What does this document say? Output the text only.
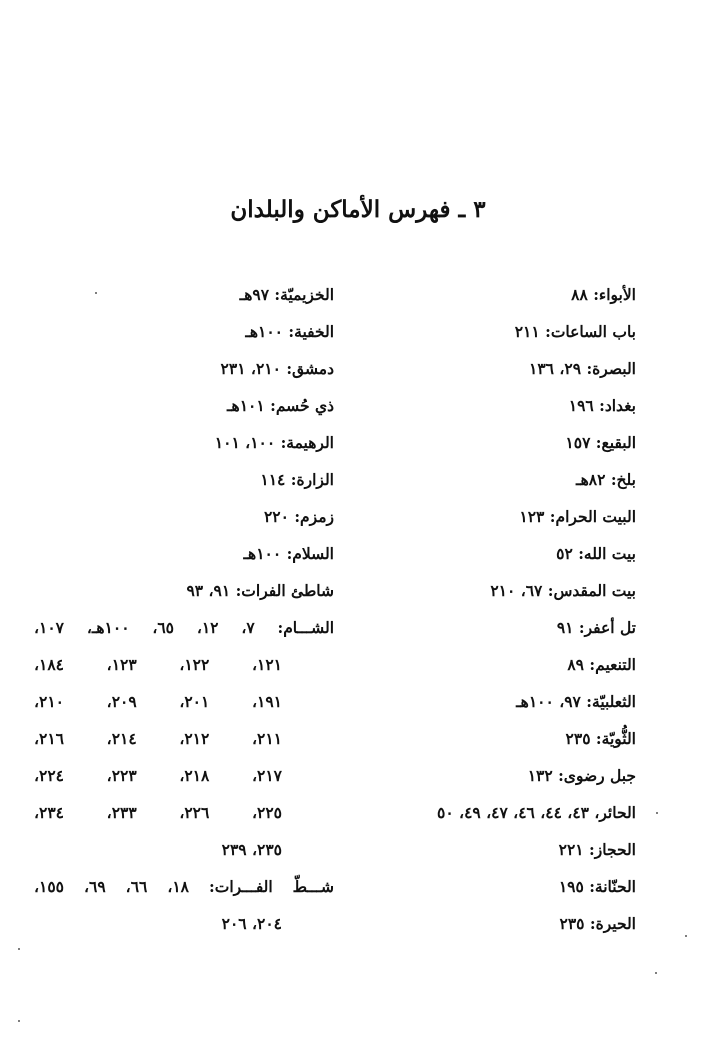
٣ ـ فهرس الأماكن والبلدان
الأبواء: ٨٨
باب الساعات: ٢١١
البصرة: ٢٩، ١٣٦
بغداد: ١٩٦
البقيع: ١٥٧
بلخ: ٨٢هـ
البيت الحرام: ١٢٣
بيت الله: ٥٢
بيت المقدس: ٦٧، ٢١٠
تل أعفر: ٩١
التنعيم: ٨٩
الثعلبيّة: ٩٧، ١٠٠هـ
الثُّويّة: ٢٣٥
جبل رضوى: ١٣٢
الحائر، ٤٣، ٤٤، ٤٦، ٤٧، ٤٩، ٥٠
الحجاز: ٢٢١
الحنّانة: ١٩٥
الحيرة: ٢٣٥
الخزيميّة: ٩٧هـ
الخفية: ١٠٠هـ
دمشق: ٢١٠، ٢٣١
ذي حُسم: ١٠١هـ
الرهيمة: ١٠٠، ١٠١
الزارة: ١١٤
زمزم: ٢٢٠
السلام: ١٠٠هـ
شاطئ الفرات: ٩١، ٩٣
الشـــام: ٧، ١٢، ٦٥، ١٠٠هـ، ١٠٧،
١٢١، ١٢٢، ١٢٣، ١٨٤،
١٩١، ٢٠١، ٢٠٩، ٢١٠،
٢١١، ٢١٢، ٢١٤، ٢١٦،
٢١٧، ٢١٨، ٢٢٣، ٢٢٤،
٢٢٥، ٢٢٦، ٢٣٣، ٢٣٤،
٢٣٥، ٢٣٩
شـــطّ الفـــرات: ١٨، ٦٦، ٦٩، ١٥٥،
٢٠٤، ٢٠٦
